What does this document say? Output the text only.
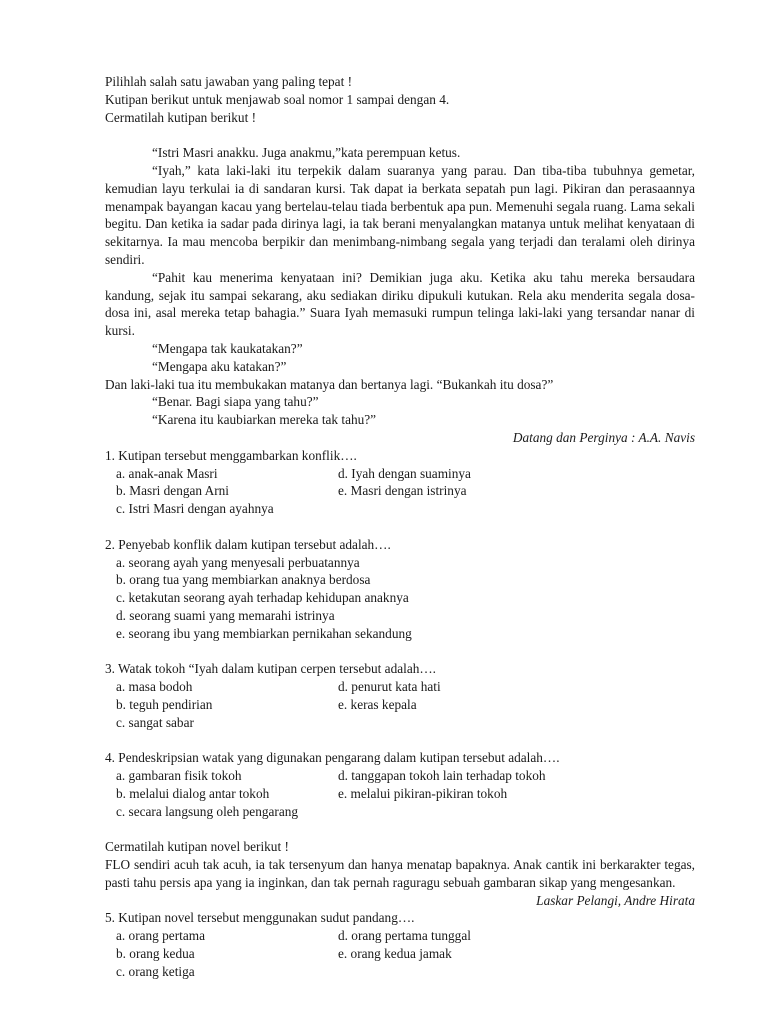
Pilihlah salah satu jawaban yang paling tepat !
Kutipan berikut untuk menjawab soal nomor 1 sampai dengan 4.
Cermatilah kutipan berikut !
“Istri Masri anakku. Juga anakmu,”kata perempuan ketus.
“Iyah,” kata laki-laki itu terpekik dalam suaranya yang parau. Dan tiba-tiba tubuhnya gemetar, kemudian layu terkulai ia di sandaran kursi. Tak dapat ia berkata sepatah pun lagi. Pikiran dan perasaannya menampak bayangan kacau yang bertelau-telau tiada berbentuk apa pun. Memenuhi segala ruang. Lama sekali begitu. Dan ketika ia sadar pada dirinya lagi, ia tak berani menyalangkan matanya untuk melihat kenyataan di sekitarnya. Ia mau mencoba berpikir dan menimbang-nimbang segala yang terjadi dan teralami oleh dirinya sendiri.
“Pahit kau menerima kenyataan ini? Demikian juga aku. Ketika aku tahu mereka bersaudara kandung, sejak itu sampai sekarang, aku sediakan diriku dipukuli kutukan. Rela aku menderita segala dosa-dosa ini, asal mereka tetap bahagia.” Suara Iyah memasuki rumpun telinga laki-laki yang tersandar nanar di kursi.
“Mengapa tak kaukatakan?”
“Mengapa aku katakan?”
Dan laki-laki tua itu membukakan matanya dan bertanya lagi. “Bukankah itu dosa?”
“Benar. Bagi siapa yang tahu?”
“Karena itu kaubiarkan mereka tak tahu?”
Datang dan Perginya : A.A. Navis
1. Kutipan tersebut menggambarkan konflik….
a. anak-anak Masri	d. Iyah dengan suaminya
b. Masri dengan Arni	e. Masri dengan istrinya
c. Istri Masri dengan ayahnya
2. Penyebab konflik dalam kutipan tersebut adalah….
a. seorang ayah yang menyesali perbuatannya
b. orang tua yang membiarkan anaknya berdosa
c. ketakutan seorang ayah terhadap kehidupan anaknya
d. seorang suami yang memarahi istrinya
e. seorang ibu yang membiarkan pernikahan sekandung
3. Watak tokoh “Iyah dalam kutipan cerpen tersebut adalah….
a. masa bodoh	d. penurut kata hati
b. teguh pendirian	e. keras kepala
c. sangat sabar
4. Pendeskripsian watak yang digunakan pengarang dalam kutipan tersebut adalah….
a. gambaran fisik tokoh	d. tanggapan tokoh lain terhadap tokoh
b. melalui dialog antar tokoh	e. melalui pikiran-pikiran tokoh
c. secara langsung oleh pengarang
Cermatilah kutipan novel berikut !
FLO sendiri acuh tak acuh, ia tak tersenyum dan hanya menatap bapaknya. Anak cantik ini berkarakter tegas, pasti tahu persis apa yang ia inginkan, dan tak pernah raguragu sebuah gambaran sikap yang mengesankan.
Laskar Pelangi, Andre Hirata
5. Kutipan novel tersebut menggunakan sudut pandang….
a. orang pertama	d. orang pertama tunggal
b. orang kedua	e. orang kedua jamak
c. orang ketiga
